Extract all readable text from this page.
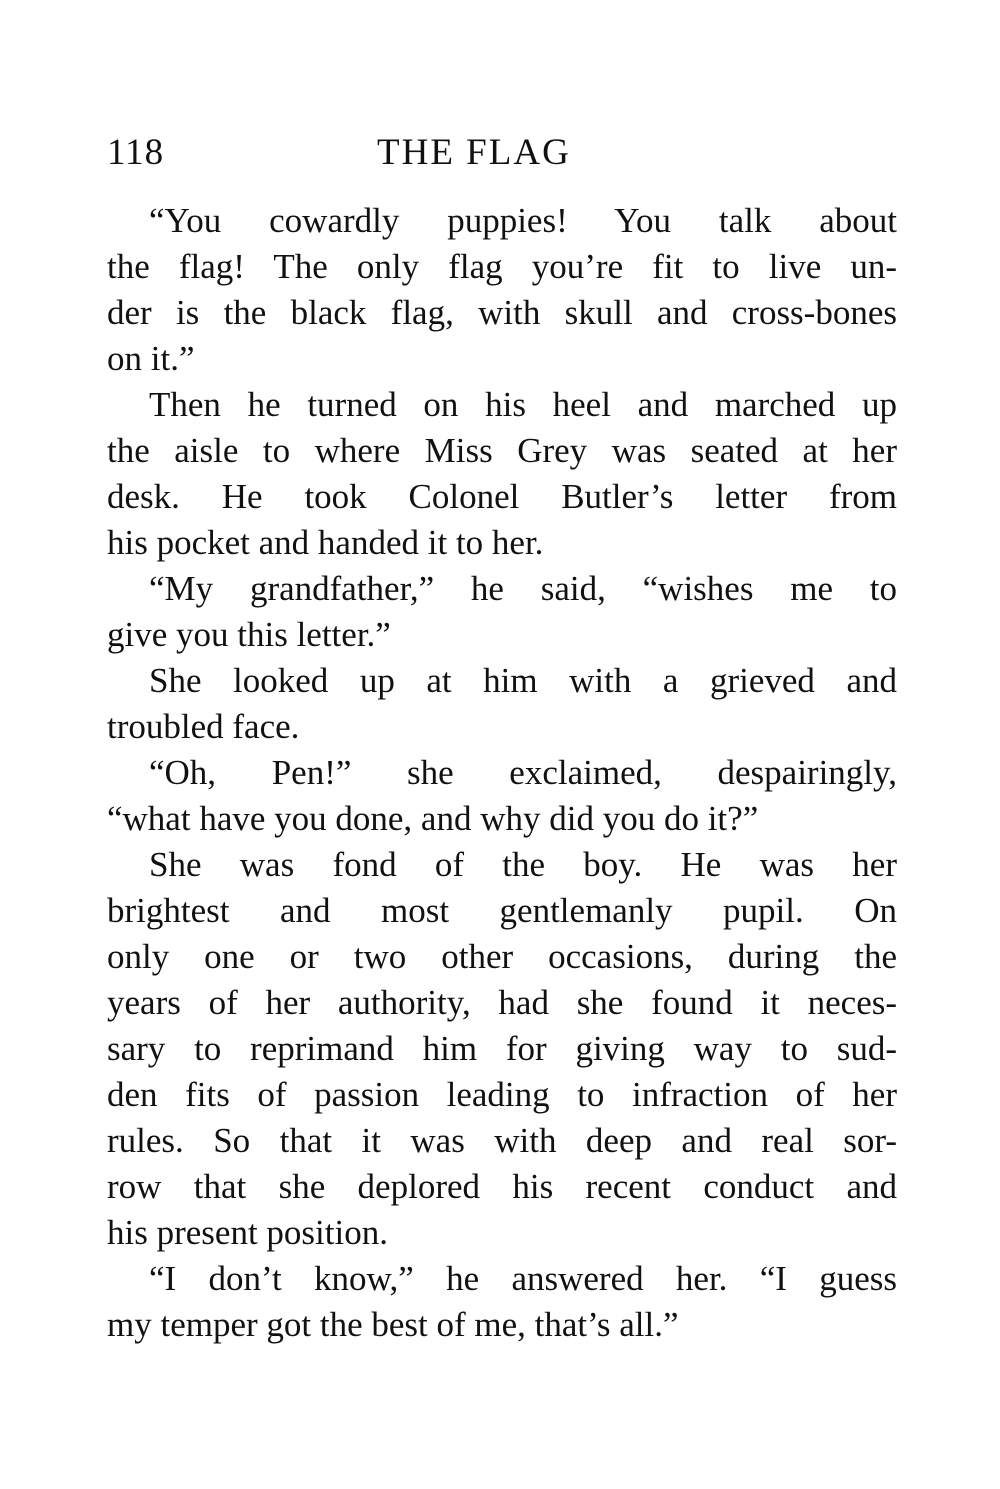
118	THE FLAG
“You cowardly puppies! You talk about
the flag! The only flag you’re fit to live un-
der is the black flag, with skull and cross-bones
on it.”
Then he turned on his heel and marched up
the aisle to where Miss Grey was seated at her
desk. He took Colonel Butler’s letter from
his pocket and handed it to her.
“My grandfather,” he said, “wishes me to
give you this letter.”
She looked up at him with a grieved and
troubled face.
“Oh, Pen!” she exclaimed, despairingly,
“what have you done, and why did you do it?”
She was fond of the boy. He was her
brightest and most gentlemanly pupil. On
only one or two other occasions, during the
years of her authority, had she found it neces-
sary to reprimand him for giving way to sud-
den fits of passion leading to infraction of her
rules. So that it was with deep and real sor-
row that she deplored his recent conduct and
his present position.
“I don’t know,” he answered her. “I guess
my temper got the best of me, that’s all.”
